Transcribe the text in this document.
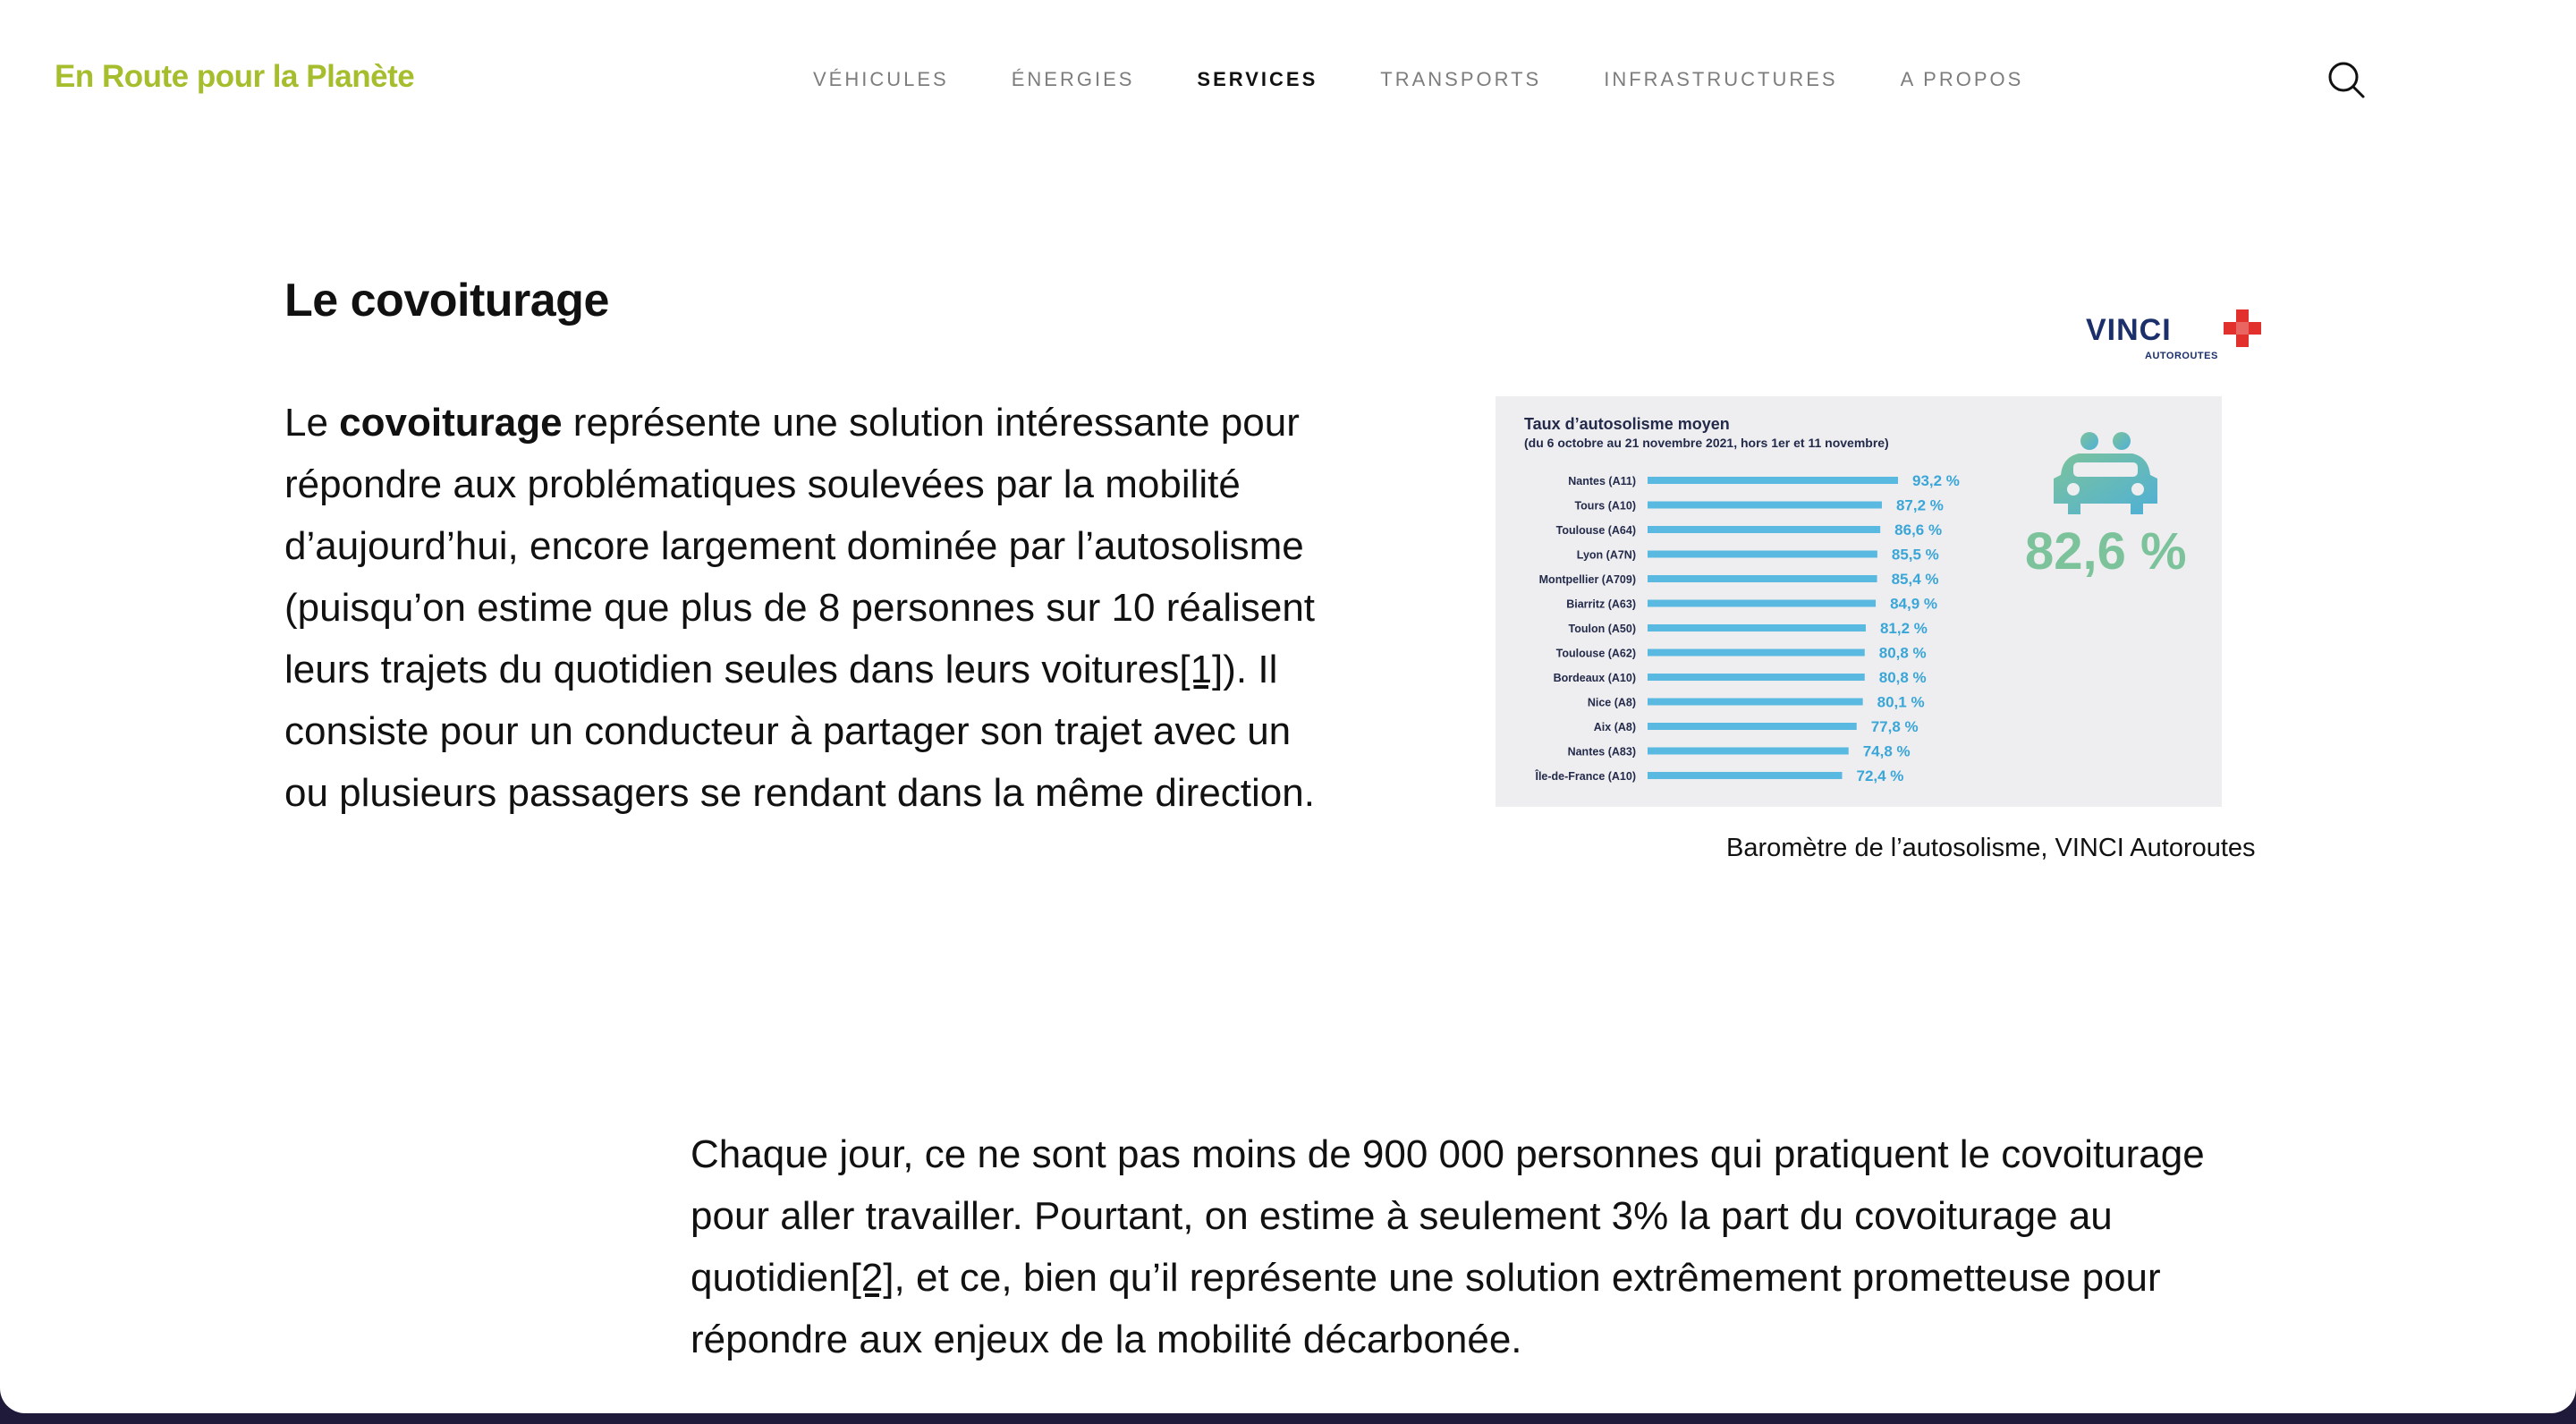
En Route pour la Planète	VÉHICULES	ÉNERGIES	SERVICES	TRANSPORTS	INFRASTRUCTURES	A PROPOS
Le covoiturage

Le covoiturage représente une solution intéressante pour répondre aux problématiques soulevées par la mobilité d’aujourd’hui, encore largement dominée par l’autosolisme (puisqu’on estime que plus de 8 personnes sur 10 réalisent leurs trajets du quotidien seules dans leurs voitures[1]). Il consiste pour un conducteur à partager son trajet avec un ou plusieurs passagers se rendant dans la même direction.

VINCI
AUTOROUTES
Taux d’autosolisme moyen
(du 6 octobre au 21 novembre 2021, hors 1er et 11 novembre)
Nantes (A11)	93,2 %
Tours (A10)	87,2 %
Toulouse (A64)	86,6 %
Lyon (A7N)	85,5 %
Montpellier (A709)	85,4 %
Biarritz (A63)	84,9 %
Toulon (A50)	81,2 %
Toulouse (A62)	80,8 %
Bordeaux (A10)	80,8 %
Nice (A8)	80,1 %
Aix (A8)	77,8 %
Nantes (A83)	74,8 %
Île-de-France (A10)	72,4 %
82,6 %
Baromètre de l’autosolisme, VINCI Autoroutes

Chaque jour, ce ne sont pas moins de 900 000 personnes qui pratiquent le covoiturage pour aller travailler. Pourtant, on estime à seulement 3% la part du covoiturage au quotidien[2], et ce, bien qu’il représente une solution extrêmement prometteuse pour répondre aux enjeux de la mobilité décarbonée.
